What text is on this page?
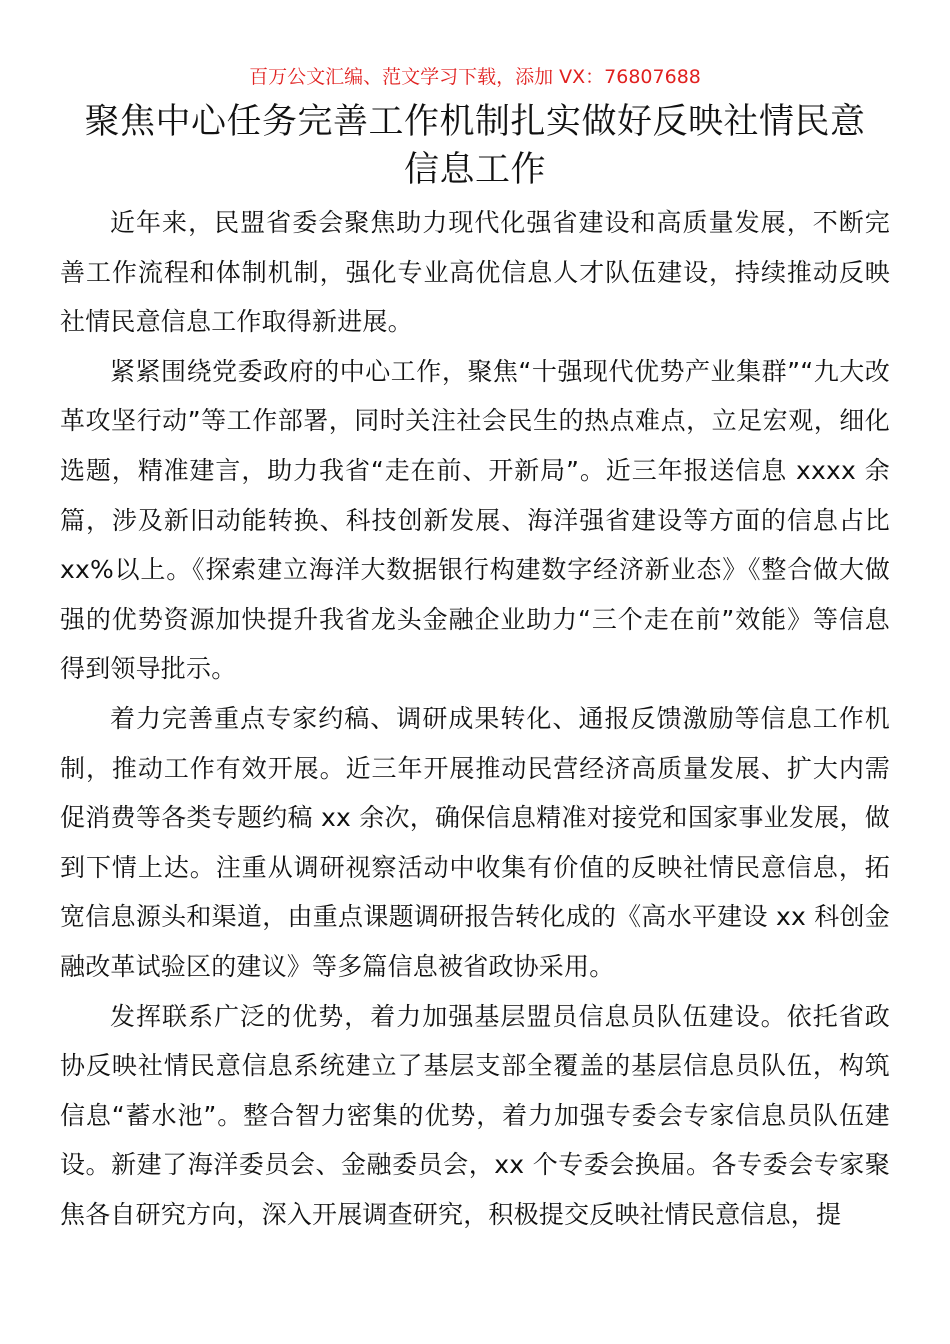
百万公文汇编、范文学习下载，添加 VX：76807688
聚焦中心任务完善工作机制扎实做好反映社情民意信息工作

近年来，民盟省委会聚焦助力现代化强省建设和高质量发展，不断完善工作流程和体制机制，强化专业高优信息人才队伍建设，持续推动反映社情民意信息工作取得新进展。

紧紧围绕党委政府的中心工作，聚焦“十强现代优势产业集群”“九大改革攻坚行动”等工作部署，同时关注社会民生的热点难点，立足宏观，细化选题，精准建言，助力我省“走在前、开新局”。近三年报送信息 xxxx 余篇，涉及新旧动能转换、科技创新发展、海洋强省建设等方面的信息占比 xx%以上。《探索建立海洋大数据银行构建数字经济新业态》《整合做大做强的优势资源加快提升我省龙头金融企业助力“三个走在前”效能》等信息得到领导批示。

着力完善重点专家约稿、调研成果转化、通报反馈激励等信息工作机制，推动工作有效开展。近三年开展推动民营经济高质量发展、扩大内需促消费等各类专题约稿 xx 余次，确保信息精准对接党和国家事业发展，做到下情上达。注重从调研视察活动中收集有价值的反映社情民意信息，拓宽信息源头和渠道，由重点课题调研报告转化成的《高水平建设 xx 科创金融改革试验区的建议》等多篇信息被省政协采用。

发挥联系广泛的优势，着力加强基层盟员信息员队伍建设。依托省政协反映社情民意信息系统建立了基层支部全覆盖的基层信息员队伍，构筑信息“蓄水池”。整合智力密集的优势，着力加强专委会专家信息员队伍建设。新建了海洋委员会、金融委员会，xx 个专委会换届。各专委会专家聚焦各自研究方向，深入开展调查研究，积极提交反映社情民意信息，提
